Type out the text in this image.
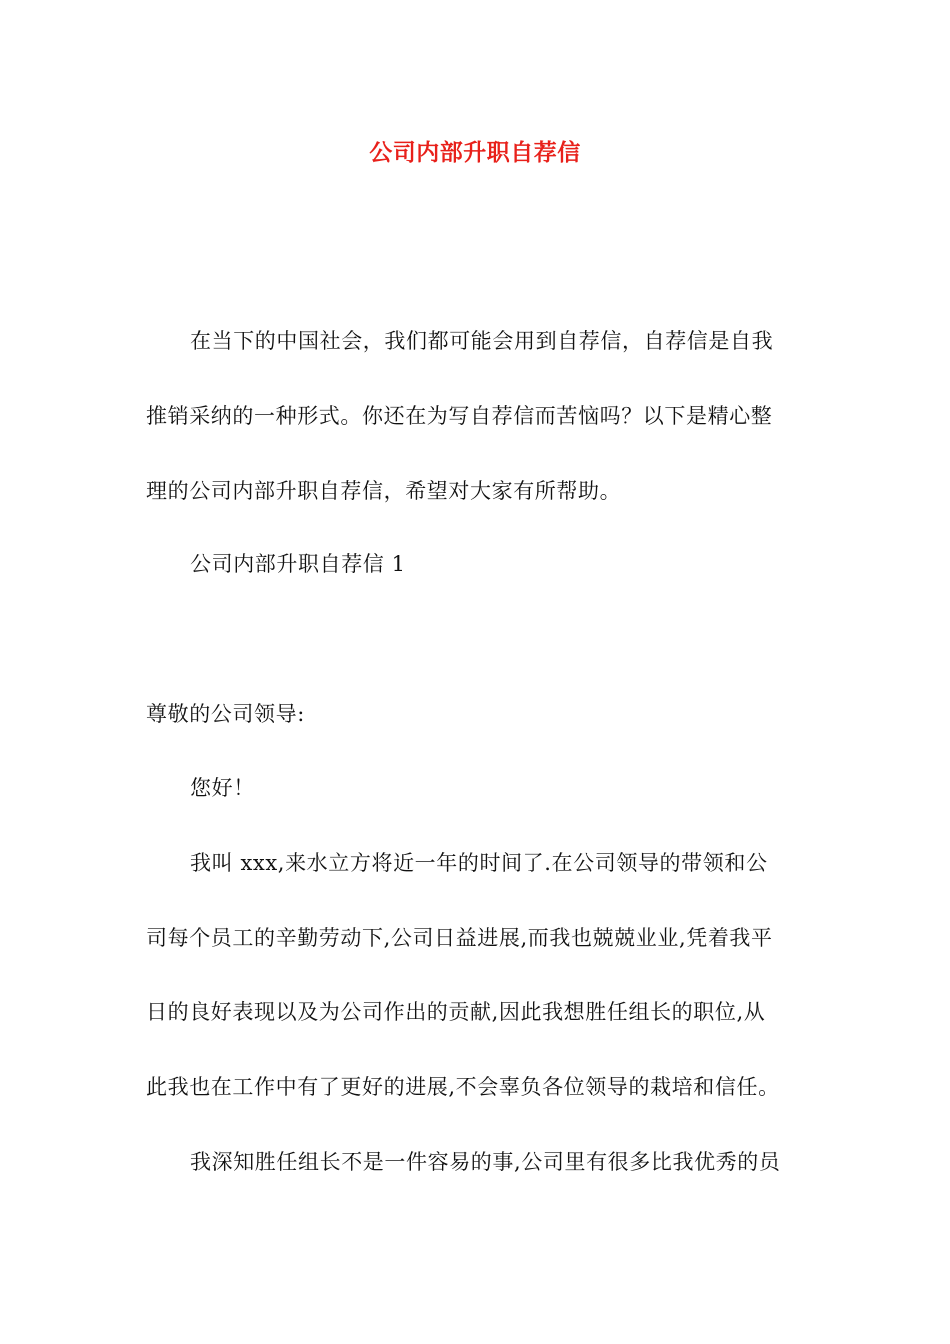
公司内部升职自荐信
在当下的中国社会，我们都可能会用到自荐信，自荐信是自我
推销采纳的一种形式。你还在为写自荐信而苦恼吗？以下是精心整
理的公司内部升职自荐信，希望对大家有所帮助。
公司内部升职自荐信 1
尊敬的公司领导:
您好！
我叫 xxx,来水立方将近一年的时间了.在公司领导的带领和公
司每个员工的辛勤劳动下,公司日益进展,而我也兢兢业业,凭着我平
日的良好表现以及为公司作出的贡献,因此我想胜任组长的职位,从
此我也在工作中有了更好的进展,不会辜负各位领导的栽培和信任。
我深知胜任组长不是一件容易的事,公司里有很多比我优秀的员
